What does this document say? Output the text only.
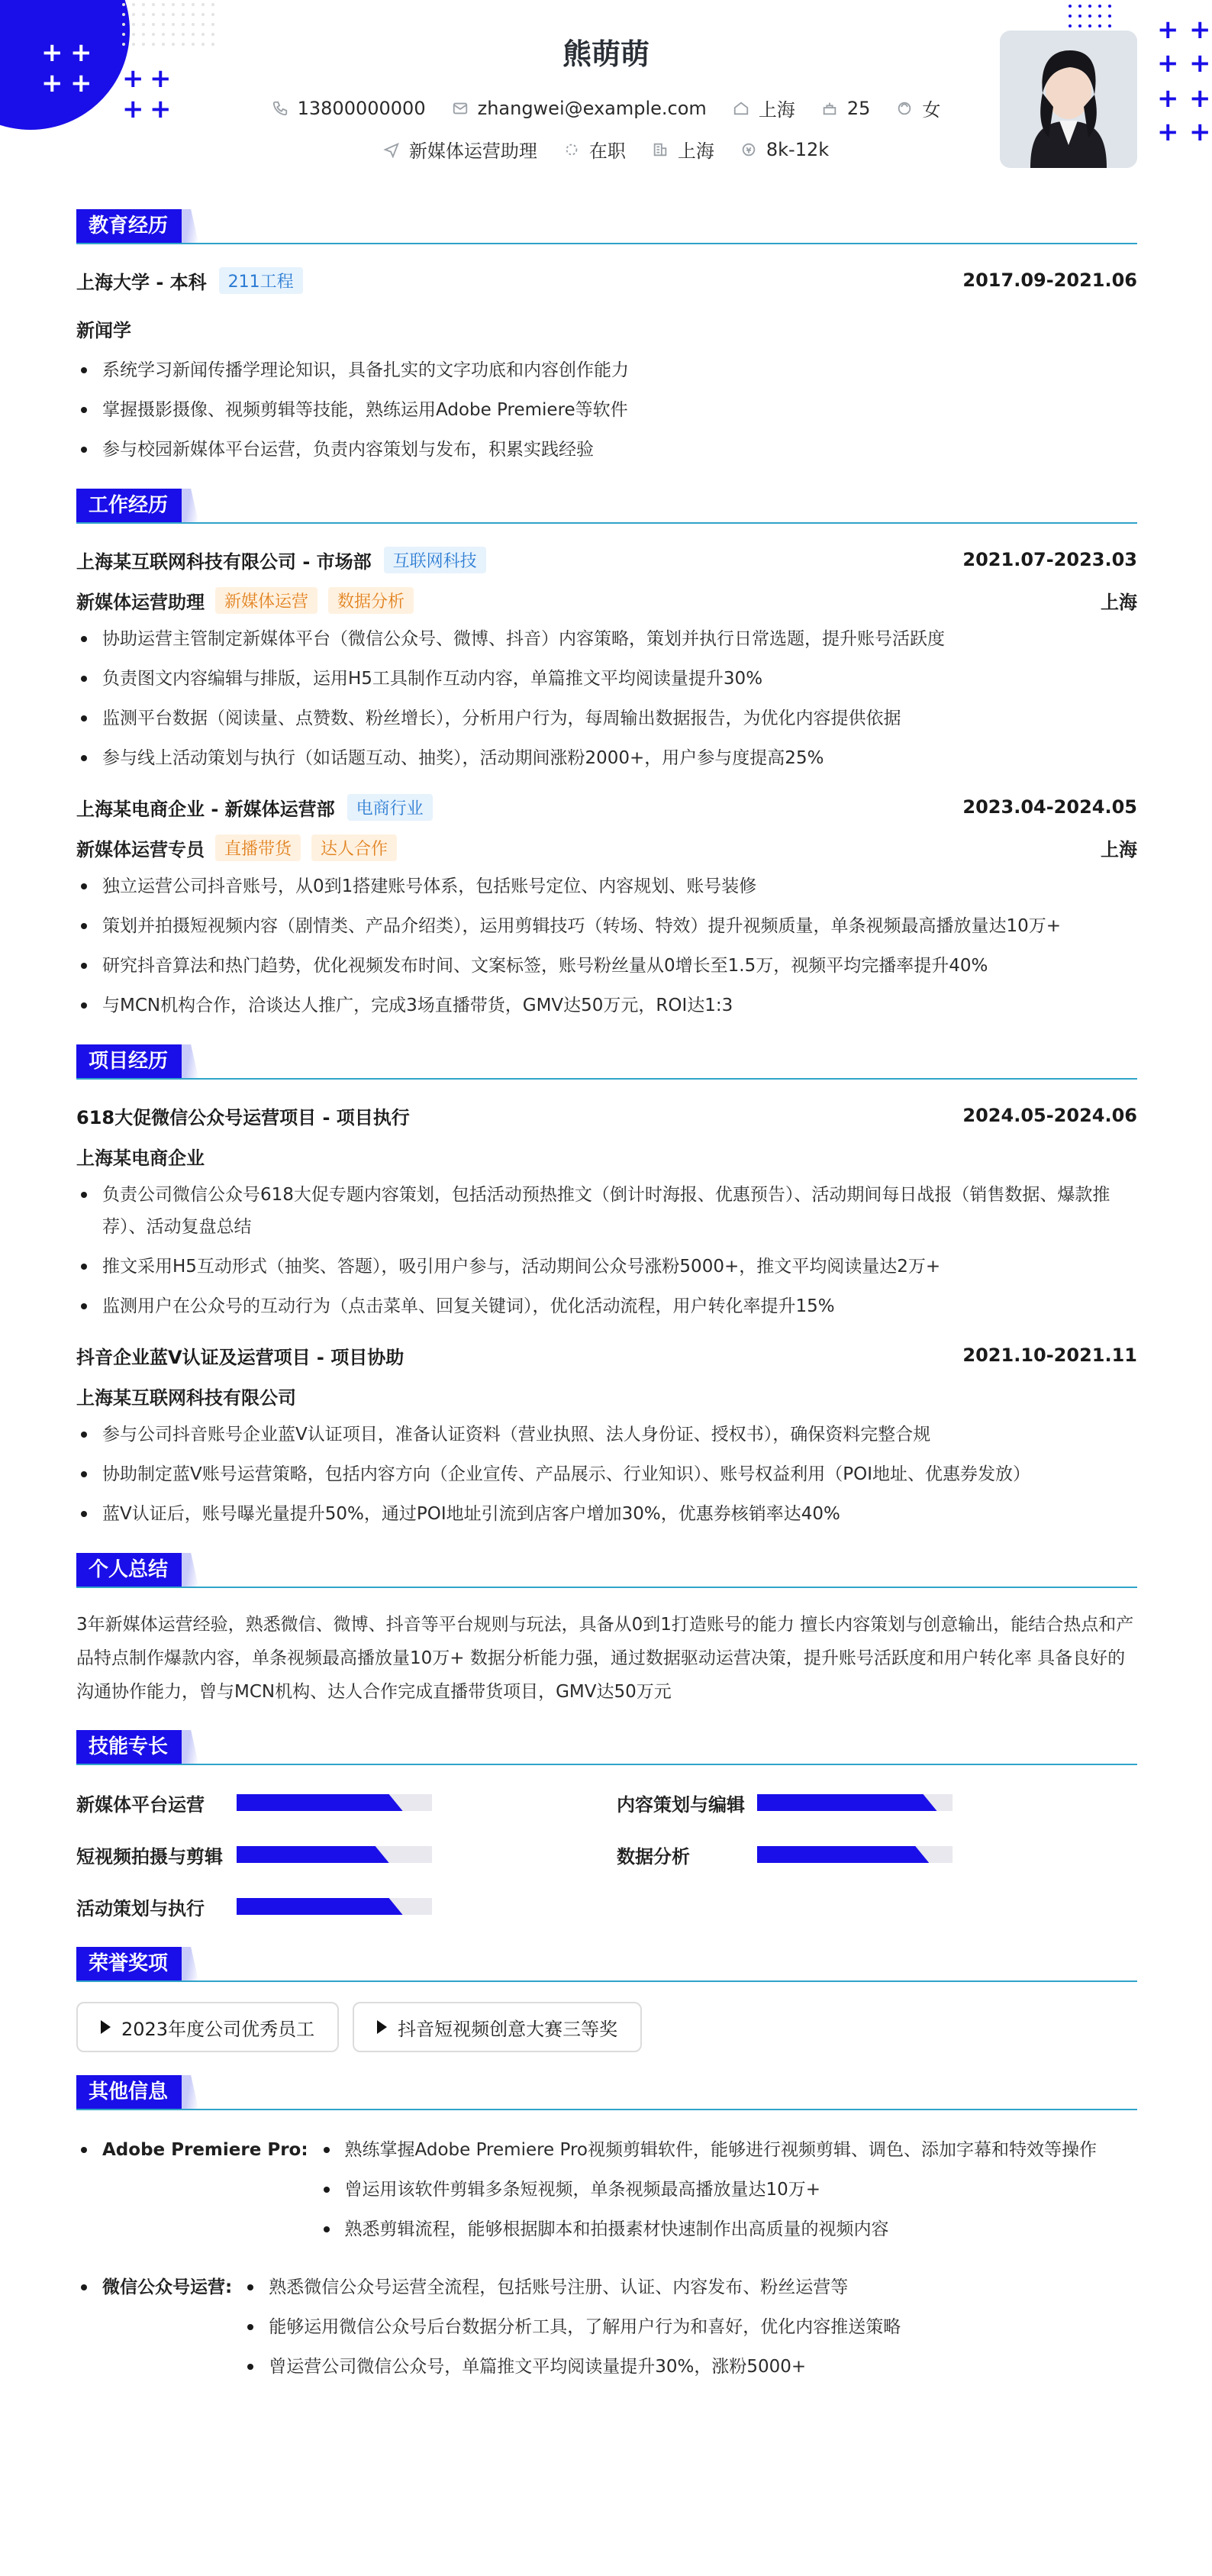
+ +
+ + + +
+ +
+ +
+ +
+ +
+ +
熊萌萌
13800000000	zhangwei@example.com	上海	25	女
新媒体运营助理	在职	上海	8k-12k
教育经历
上海大学 - 本科	211工程	2017.09-2021.06
新闻学
系统学习新闻传播学理论知识，具备扎实的文字功底和内容创作能力
掌握摄影摄像、视频剪辑等技能，熟练运用Adobe Premiere等软件
参与校园新媒体平台运营，负责内容策划与发布，积累实践经验
工作经历
上海某互联网科技有限公司 - 市场部	互联网科技	2021.07-2023.03
新媒体运营助理	新媒体运营	数据分析	上海
协助运营主管制定新媒体平台（微信公众号、微博、抖音）内容策略，策划并执行日常选题，提升账号活跃度
负责图文内容编辑与排版，运用H5工具制作互动内容，单篇推文平均阅读量提升30%
监测平台数据（阅读量、点赞数、粉丝增长），分析用户行为，每周输出数据报告，为优化内容提供依据
参与线上活动策划与执行（如话题互动、抽奖），活动期间涨粉2000+，用户参与度提高25%
上海某电商企业 - 新媒体运营部	电商行业	2023.04-2024.05
新媒体运营专员	直播带货	达人合作	上海
独立运营公司抖音账号，从0到1搭建账号体系，包括账号定位、内容规划、账号装修
策划并拍摄短视频内容（剧情类、产品介绍类），运用剪辑技巧（转场、特效）提升视频质量，单条视频最高播放量达10万+
研究抖音算法和热门趋势，优化视频发布时间、文案标签，账号粉丝量从0增长至1.5万，视频平均完播率提升40%
与MCN机构合作，洽谈达人推广，完成3场直播带货，GMV达50万元，ROI达1:3
项目经历
618大促微信公众号运营项目 - 项目执行	2024.05-2024.06
上海某电商企业
负责公司微信公众号618大促专题内容策划，包括活动预热推文（倒计时海报、优惠预告）、活动期间每日战报（销售数据、爆款推荐）、活动复盘总结
推文采用H5互动形式（抽奖、答题），吸引用户参与，活动期间公众号涨粉5000+，推文平均阅读量达2万+
监测用户在公众号的互动行为（点击菜单、回复关键词），优化活动流程，用户转化率提升15%
抖音企业蓝V认证及运营项目 - 项目协助	2021.10-2021.11
上海某互联网科技有限公司
参与公司抖音账号企业蓝V认证项目，准备认证资料（营业执照、法人身份证、授权书），确保资料完整合规
协助制定蓝V账号运营策略，包括内容方向（企业宣传、产品展示、行业知识）、账号权益利用（POI地址、优惠券发放）
蓝V认证后，账号曝光量提升50%，通过POI地址引流到店客户增加30%，优惠券核销率达40%
个人总结

3年新媒体运营经验，熟悉微信、微博、抖音等平台规则与玩法，具备从0到1打造账号的能力 擅长内容策划与创意输出，能结合热点和产品特点制作爆款内容，单条视频最高播放量10万+ 数据分析能力强，通过数据驱动运营决策，提升账号活跃度和用户转化率 具备良好的沟通协作能力，曾与MCN机构、达人合作完成直播带货项目，GMV达50万元

技能专长
新媒体平台运营	内容策划与编辑
短视频拍摄与剪辑	数据分析
活动策划与执行
荣誉奖项
2023年度公司优秀员工	抖音短视频创意大赛三等奖
其他信息
Adobe Premiere Pro:	熟练掌握Adobe Premiere Pro视频剪辑软件，能够进行视频剪辑、调色、添加字幕和特效等操作
曾运用该软件剪辑多条短视频，单条视频最高播放量达10万+
熟悉剪辑流程，能够根据脚本和拍摄素材快速制作出高质量的视频内容
微信公众号运营:	熟悉微信公众号运营全流程，包括账号注册、认证、内容发布、粉丝运营等
能够运用微信公众号后台数据分析工具，了解用户行为和喜好，优化内容推送策略
曾运营公司微信公众号，单篇推文平均阅读量提升30%，涨粉5000+
